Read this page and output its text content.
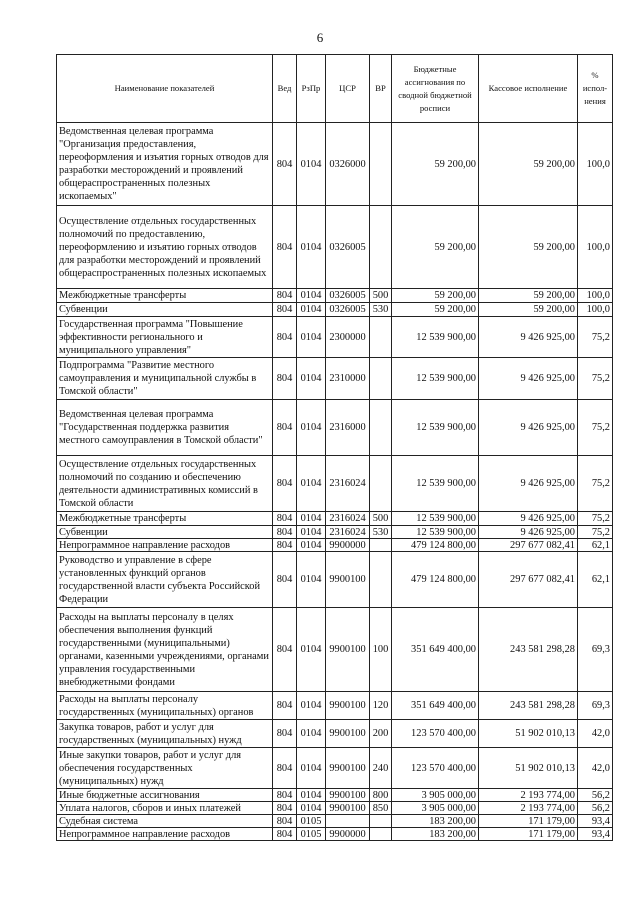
6
Наименование показателей	Вед	РзПр	ЦСР	ВР	Бюджетные ассигнования по сводной бюджетной росписи	Кассовое исполнение	% испол-нения
Ведомственная целевая программа "Организация предоставления, переоформления и изъятия горных отводов для разработки месторождений и проявлений общераспространенных полезных ископаемых"	804	0104	0326000		59 200,00	59 200,00	100,0
Осуществление отдельных государственных полномочий по предоставлению, переоформлению и изъятию горных отводов для разработки месторождений и проявлений общераспространенных полезных ископаемых	804	0104	0326005		59 200,00	59 200,00	100,0
Межбюджетные трансферты	804	0104	0326005	500	59 200,00	59 200,00	100,0
Субвенции	804	0104	0326005	530	59 200,00	59 200,00	100,0
Государственная программа "Повышение эффективности регионального и муниципального управления"	804	0104	2300000		12 539 900,00	9 426 925,00	75,2
Подпрограмма "Развитие местного самоуправления и муниципальной службы в Томской области"	804	0104	2310000		12 539 900,00	9 426 925,00	75,2
Ведомственная целевая программа "Государственная поддержка развития местного самоуправления в Томской области"	804	0104	2316000		12 539 900,00	9 426 925,00	75,2
Осуществление отдельных государственных полномочий по созданию и обеспечению деятельности административных комиссий в Томской области	804	0104	2316024		12 539 900,00	9 426 925,00	75,2
Межбюджетные трансферты	804	0104	2316024	500	12 539 900,00	9 426 925,00	75,2
Субвенции	804	0104	2316024	530	12 539 900,00	9 426 925,00	75,2
Непрограммное направление расходов	804	0104	9900000		479 124 800,00	297 677 082,41	62,1
Руководство и управление в сфере установленных функций органов государственной власти субъекта Российской Федерации	804	0104	9900100		479 124 800,00	297 677 082,41	62,1
Расходы на выплаты персоналу в целях обеспечения выполнения функций государственными (муниципальными) органами, казенными учреждениями, органами управления государственными внебюджетными фондами	804	0104	9900100	100	351 649 400,00	243 581 298,28	69,3
Расходы на выплаты персоналу государственных (муниципальных) органов	804	0104	9900100	120	351 649 400,00	243 581 298,28	69,3
Закупка товаров, работ и услуг для государственных (муниципальных) нужд	804	0104	9900100	200	123 570 400,00	51 902 010,13	42,0
Иные закупки товаров, работ и услуг для обеспечения государственных (муниципальных) нужд	804	0104	9900100	240	123 570 400,00	51 902 010,13	42,0
Иные бюджетные ассигнования	804	0104	9900100	800	3 905 000,00	2 193 774,00	56,2
Уплата налогов, сборов и иных платежей	804	0104	9900100	850	3 905 000,00	2 193 774,00	56,2
Судебная система	804	0105			183 200,00	171 179,00	93,4
Непрограммное направление расходов	804	0105	9900000		183 200,00	171 179,00	93,4
